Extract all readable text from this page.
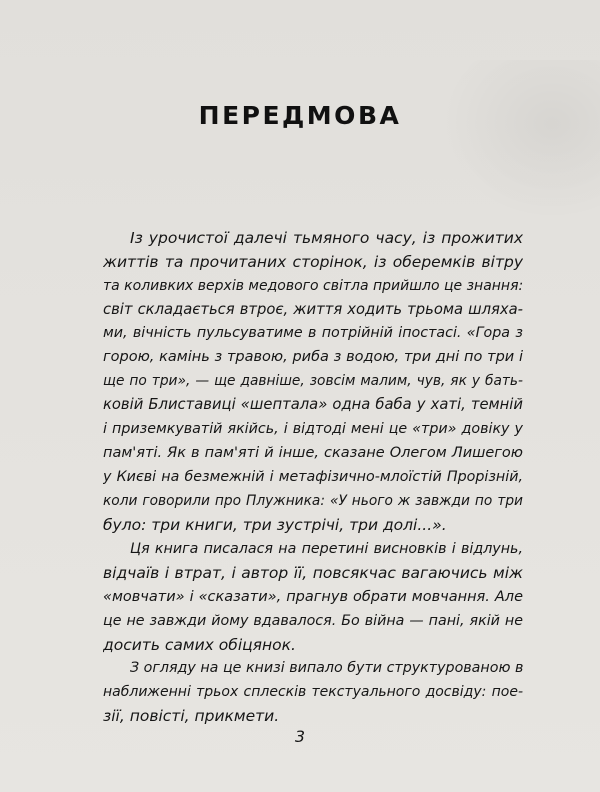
ПЕРЕДМОВА
Із урочистої далечі тьмяного часу, із прожитих
життів та прочитаних сторінок, із оберемків вітру
та коливких верхів медового світла прийшло це знання:
світ складається втроє, життя ходить трьома шляха-
ми, вічність пульсуватиме в потрійній іпостасі. «Гора з
горою, камінь з травою, риба з водою, три дні по три і
ще по три», — ще давніше, зовсім малим, чув, як у бать-
ковій Блиставиці «шептала» одна баба у хаті, темній
і приземкуватій якійсь, і відтоді мені це «три» довіку у
пам'яті. Як в пам'яті й інше, сказане Олегом Лишегою
у Києві на безмежній і метафізично-млоїстій Прорізній,
коли говорили про Плужника: «У нього ж завжди по три
було: три книги, три зустрічі, три долі...».
Ця книга писалася на перетині висновків і відлунь,
відчаїв і втрат, і автор її, повсякчас вагаючись між
«мовчати» і «сказати», прагнув обрати мовчання. Але
це не завжди йому вдавалося. Бо війна — пані, якій не
досить самих обіцянок.
З огляду на це книзі випало бути структурованою в
наближенні трьох сплесків текстуального досвіду: пое-
зії, повісті, прикмети.
3
